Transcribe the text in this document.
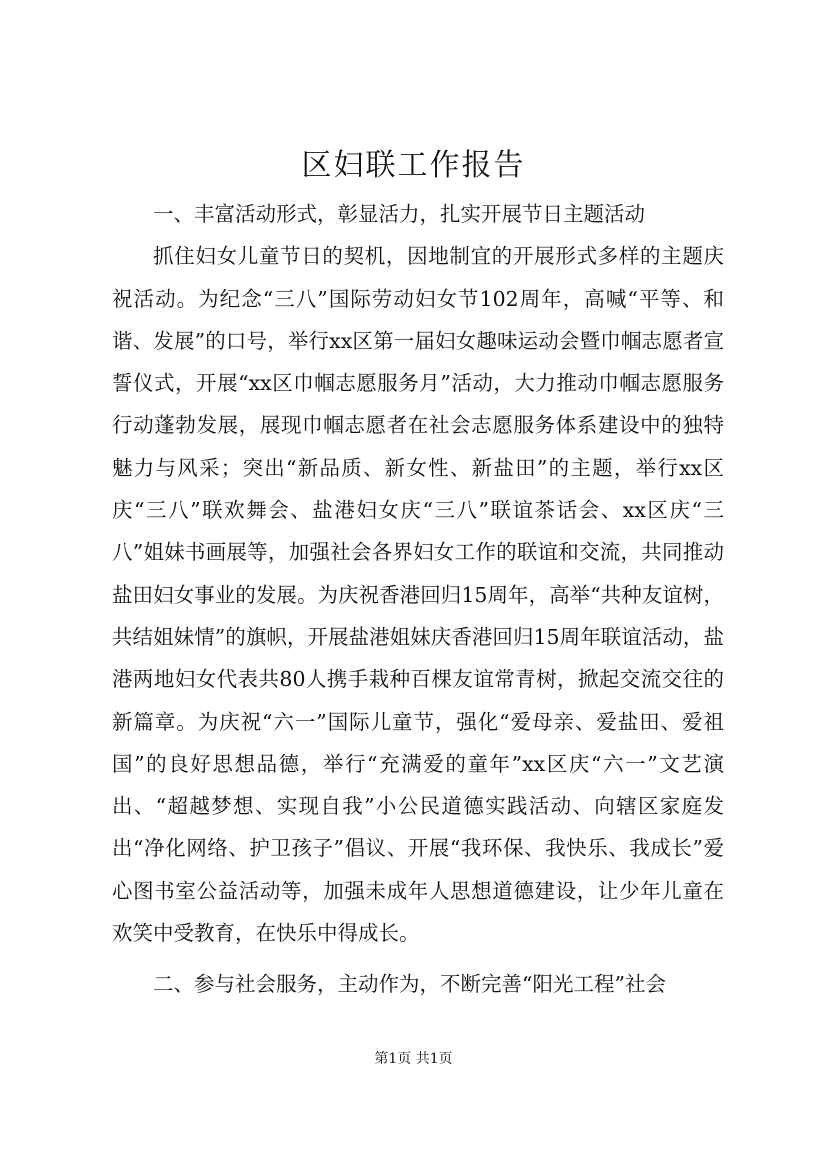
区妇联工作报告

一、丰富活动形式，彰显活力，扎实开展节日主题活动

抓住妇女儿童节日的契机，因地制宜的开展形式多样的主题庆祝活动。为纪念“三八”国际劳动妇女节102周年，高喊“平等、和谐、发展”的口号，举行xx区第一届妇女趣味运动会暨巾帼志愿者宣誓仪式，开展“xx区巾帼志愿服务月”活动，大力推动巾帼志愿服务行动蓬勃发展，展现巾帼志愿者在社会志愿服务体系建设中的独特魅力与风采；突出“新品质、新女性、新盐田”的主题，举行xx区庆“三八”联欢舞会、盐港妇女庆“三八”联谊茶话会、xx区庆“三八”姐妹书画展等，加强社会各界妇女工作的联谊和交流，共同推动盐田妇女事业的发展。为庆祝香港回归15周年，高举“共种友谊树，共结姐妹情”的旗帜，开展盐港姐妹庆香港回归15周年联谊活动，盐港两地妇女代表共80人携手栽种百棵友谊常青树，掀起交流交往的新篇章。为庆祝“六一”国际儿童节，强化“爱母亲、爱盐田、爱祖国”的良好思想品德，举行“充满爱的童年”xx区庆“六一”文艺演出、“超越梦想、实现自我”小公民道德实践活动、向辖区家庭发出“净化网络、护卫孩子”倡议、开展“我环保、我快乐、我成长”爱心图书室公益活动等，加强未成年人思想道德建设，让少年儿童在欢笑中受教育，在快乐中得成长。

二、参与社会服务，主动作为，不断完善“阳光工程”社会

第1页 共1页
